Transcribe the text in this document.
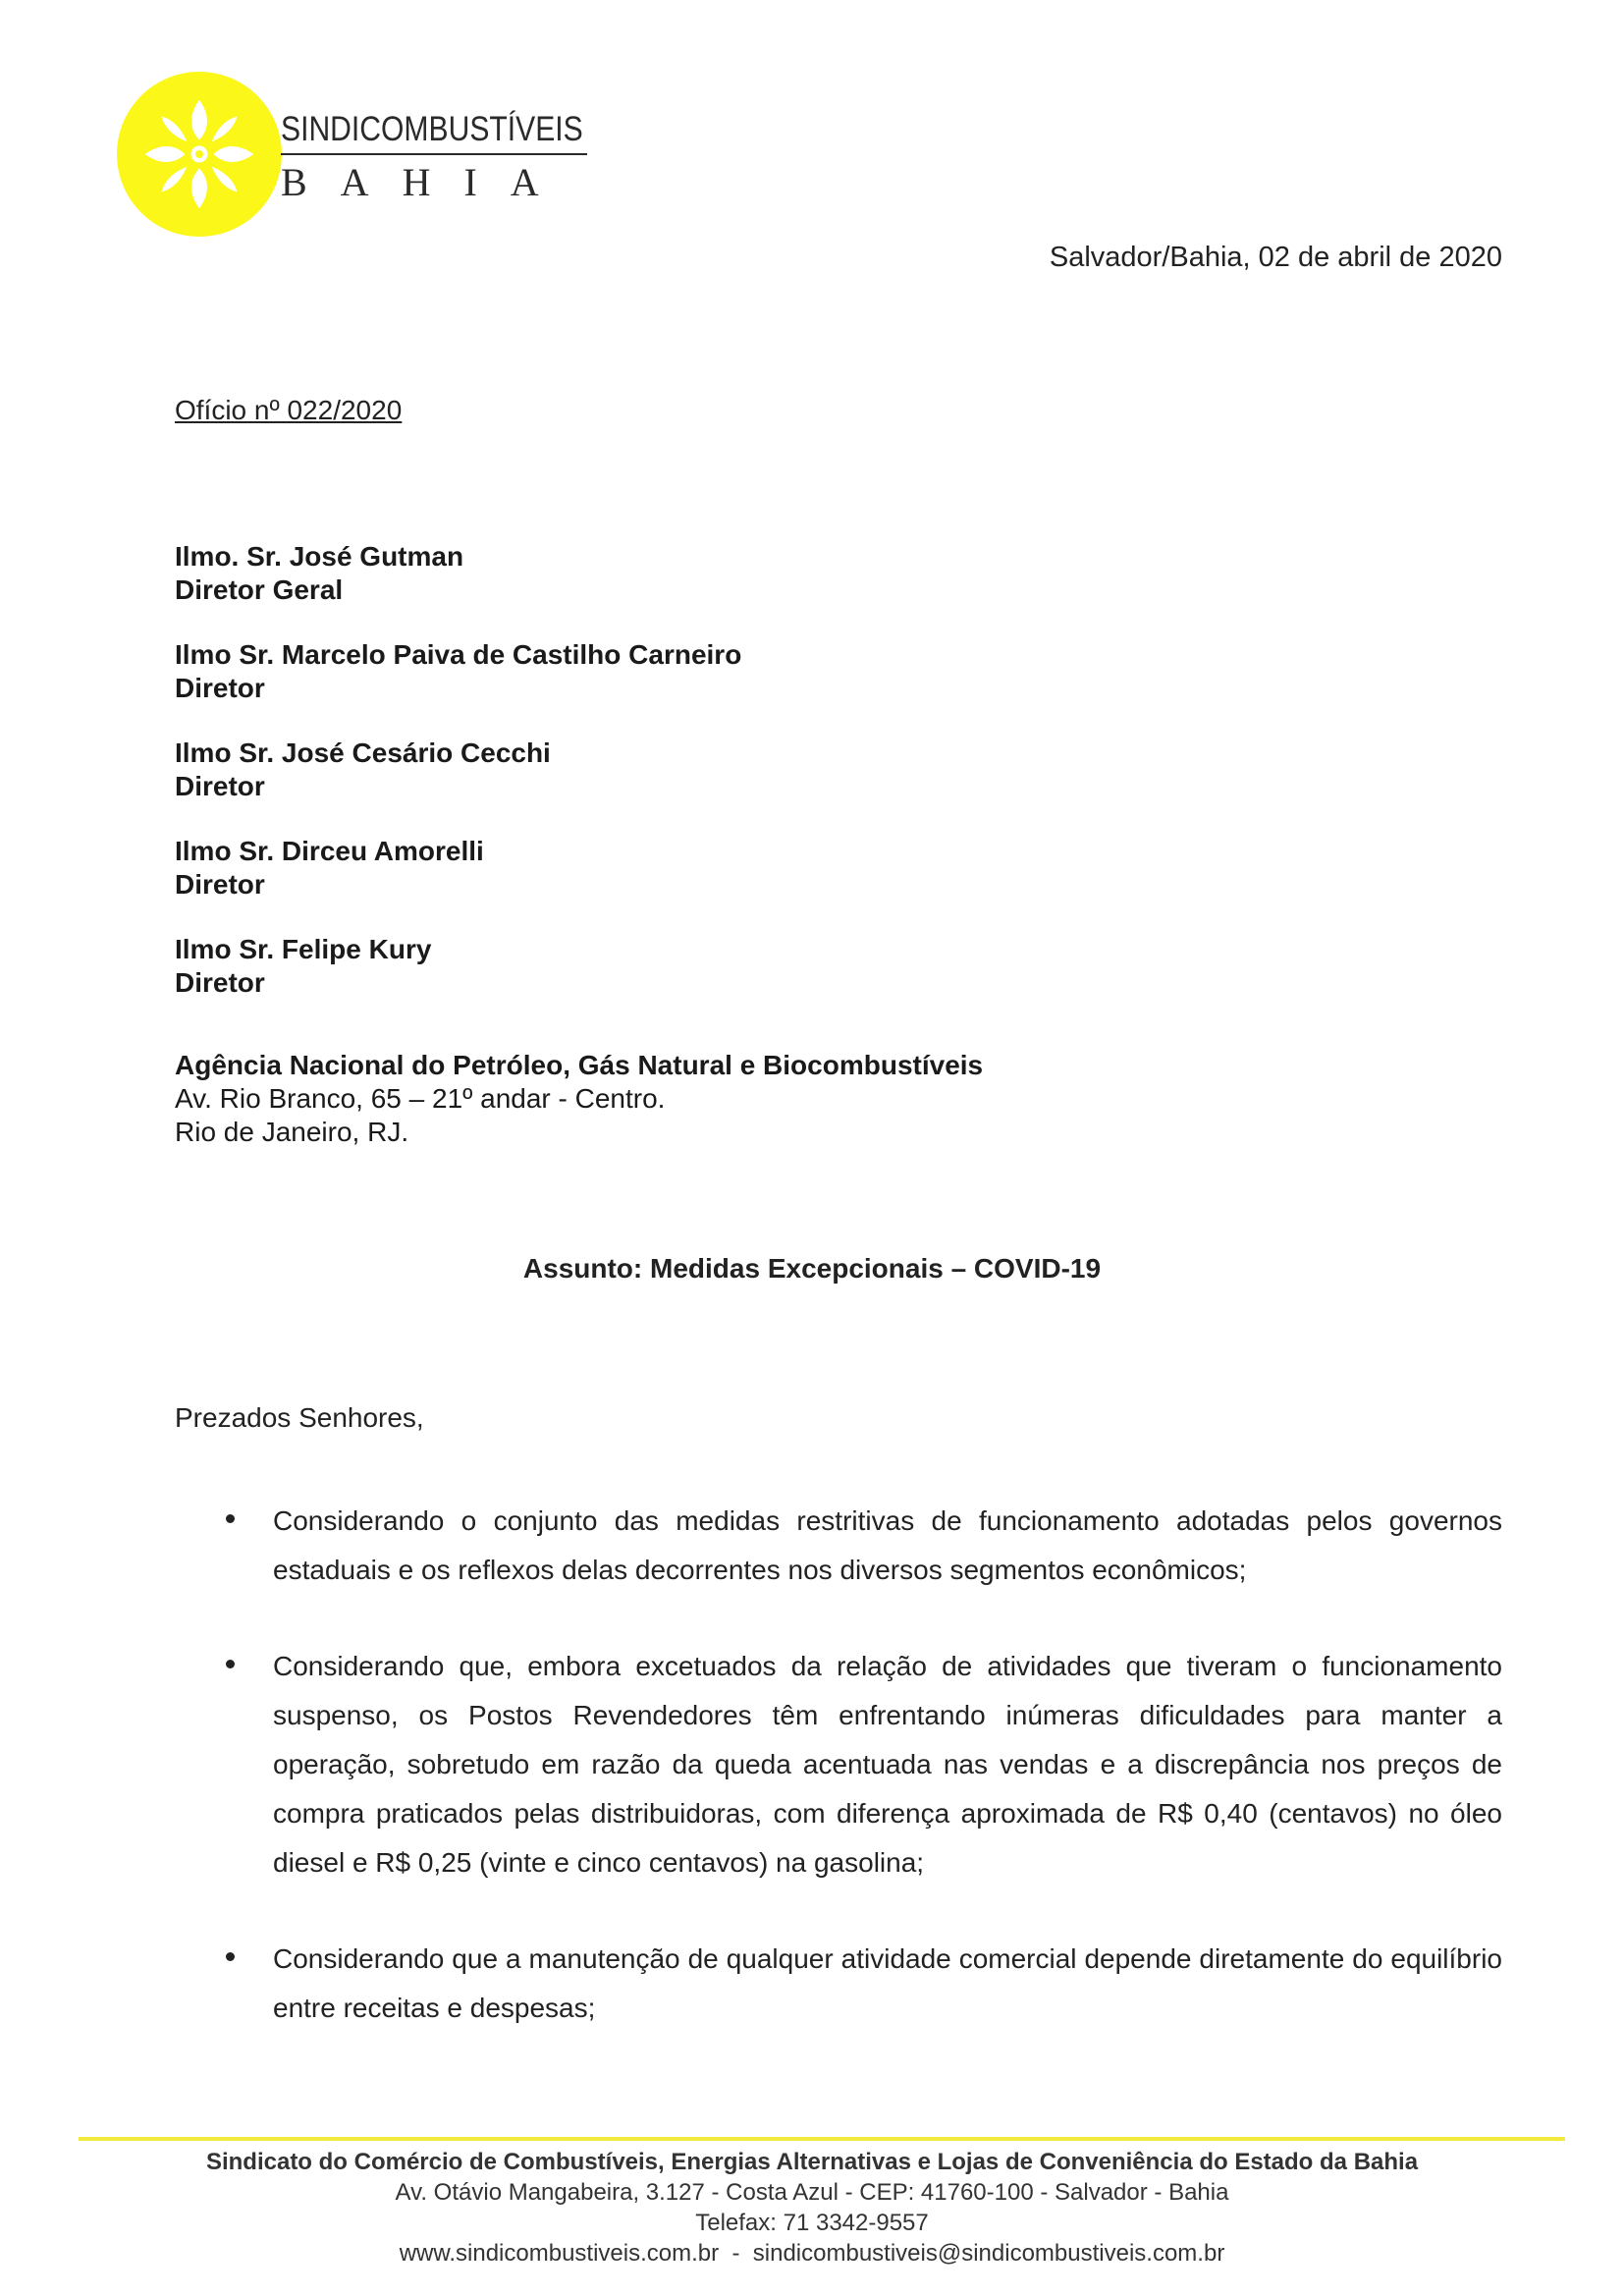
SINDICOMBUSTÍVEIS
BAHIA
Salvador/Bahia, 02 de abril de 2020
Ofício nº 022/2020
Ilmo. Sr. José Gutman
Diretor Geral
Ilmo Sr. Marcelo Paiva de Castilho Carneiro
Diretor
Ilmo Sr. José Cesário Cecchi
Diretor
Ilmo Sr. Dirceu Amorelli
Diretor
Ilmo Sr. Felipe Kury
Diretor
Agência Nacional do Petróleo, Gás Natural e Biocombustíveis
Av. Rio Branco, 65 – 21º andar - Centro.
Rio de Janeiro, RJ.
Assunto: Medidas Excepcionais – COVID-19
Prezados Senhores,
Considerando o conjunto das medidas restritivas de funcionamento adotadas pelos governos estaduais e os reflexos delas decorrentes nos diversos segmentos econômicos;
Considerando que, embora excetuados da relação de atividades que tiveram o funcionamento suspenso, os Postos Revendedores têm enfrentando inúmeras dificuldades para manter a operação, sobretudo em razão da queda acentuada nas vendas e a discrepância nos preços de compra praticados pelas distribuidoras, com diferença aproximada de R$ 0,40 (centavos) no óleo diesel e R$ 0,25 (vinte e cinco centavos) na gasolina;
Considerando que a manutenção de qualquer atividade comercial depende diretamente do equilíbrio entre receitas e despesas;
Sindicato do Comércio de Combustíveis, Energias Alternativas e Lojas de Conveniência do Estado da Bahia
Av. Otávio Mangabeira, 3.127 - Costa Azul - CEP: 41760-100 - Salvador - Bahia
Telefax: 71 3342-9557
www.sindicombustiveis.com.br  -  sindicombustiveis@sindicombustiveis.com.br
